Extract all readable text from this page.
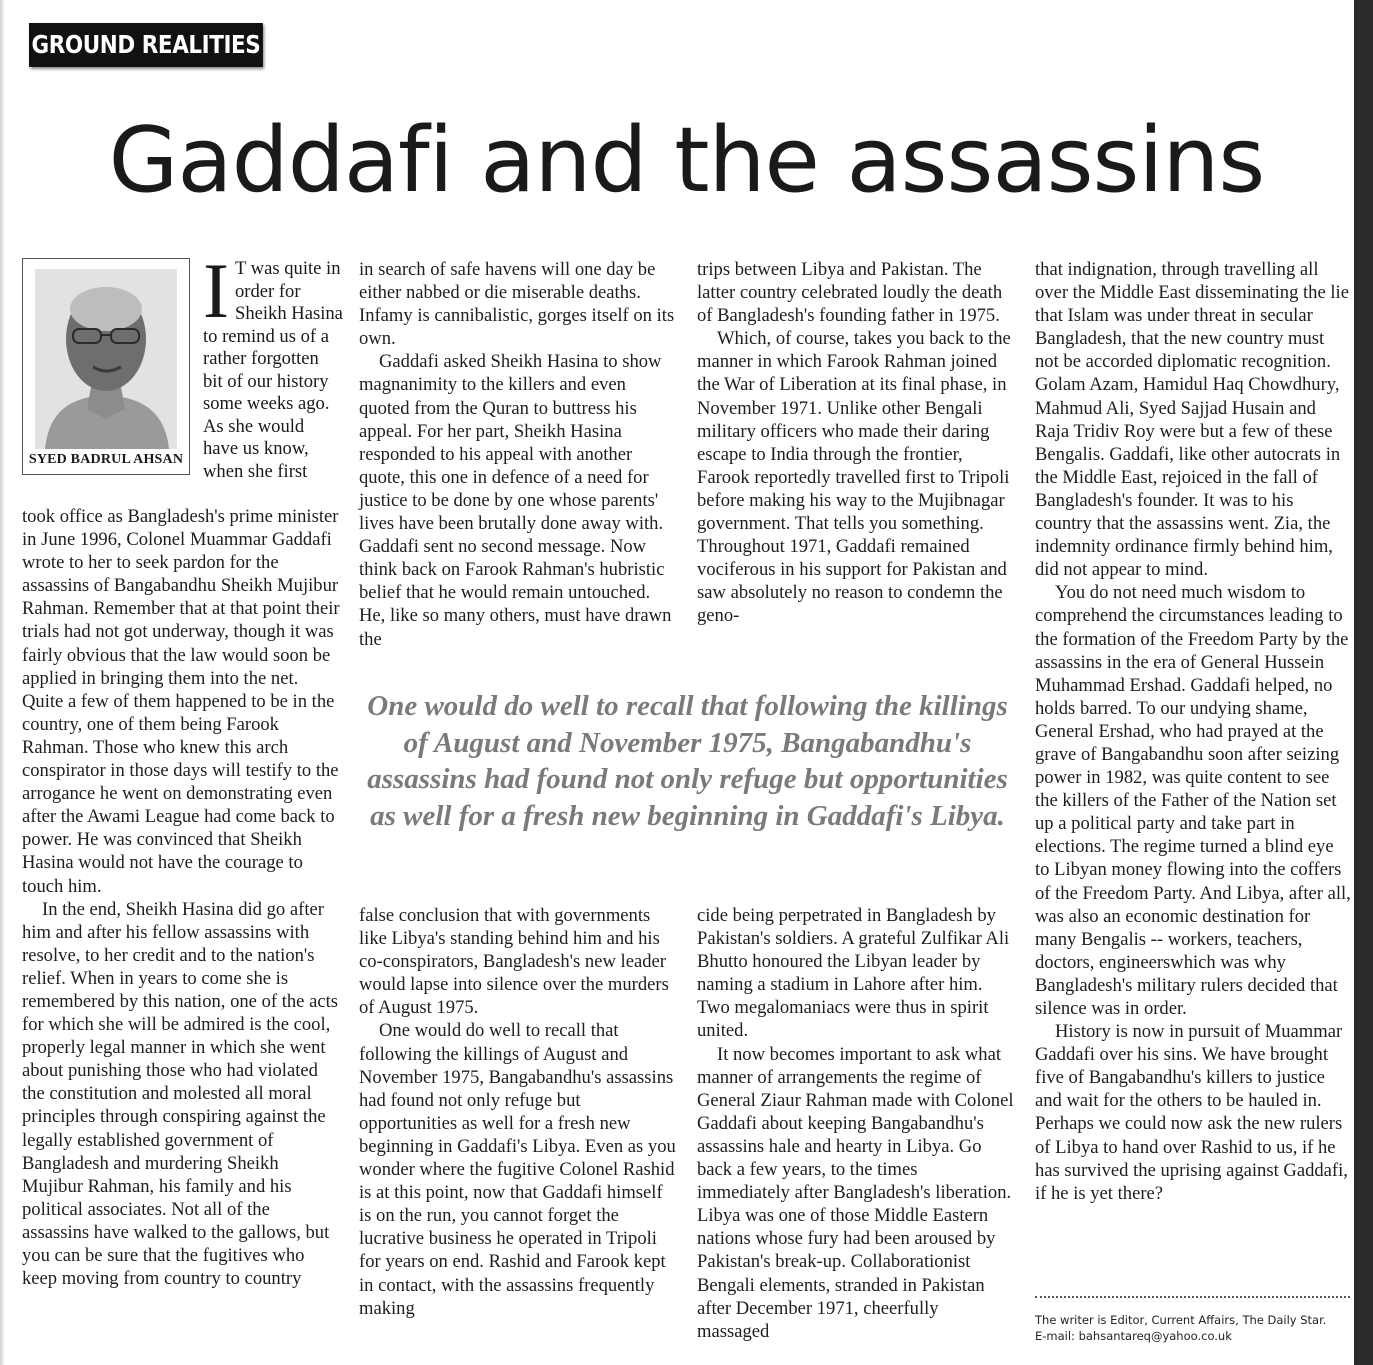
GROUND REALITIES
Gaddafi and the assassins
SYED BADRUL AHSAN
I T was quite in order for Sheikh Hasina to remind us of a rather forgotten bit of our history some weeks ago. As she would have us know, when she first

took office as Bangladesh's prime minister in June 1996, Colonel Muammar Gaddafi wrote to her to seek pardon for the assassins of Bangabandhu Sheikh Mujibur Rahman. Remember that at that point their trials had not got underway, though it was fairly obvious that the law would soon be applied in bringing them into the net. Quite a few of them happened to be in the country, one of them being Farook Rahman. Those who knew this arch conspirator in those days will testify to the arrogance he went on demonstrating even after the Awami League had come back to power. He was convinced that Sheikh Hasina would not have the courage to touch him.

In the end, Sheikh Hasina did go after him and after his fellow assassins with resolve, to her credit and to the nation's relief. When in years to come she is remembered by this nation, one of the acts for which she will be admired is the cool, properly legal manner in which she went about punishing those who had violated the constitution and molested all moral principles through conspiring against the legally established government of Bangladesh and murdering Sheikh Mujibur Rahman, his family and his political associates. Not all of the assassins have walked to the gallows, but you can be sure that the fugitives who keep moving from country to country

in search of safe havens will one day be either nabbed or die miserable deaths. Infamy is cannibalistic, gorges itself on its own.

Gaddafi asked Sheikh Hasina to show magnanimity to the killers and even quoted from the Quran to buttress his appeal. For her part, Sheikh Hasina responded to his appeal with another quote, this one in defence of a need for justice to be done by one whose parents' lives have been brutally done away with. Gaddafi sent no second message. Now think back on Farook Rahman's hubristic belief that he would remain untouched. He, like so many others, must have drawn the

trips between Libya and Pakistan. The latter country celebrated loudly the death of Bangladesh's founding father in 1975.

Which, of course, takes you back to the manner in which Farook Rahman joined the War of Liberation at its final phase, in November 1971. Unlike other Bengali military officers who made their daring escape to India through the frontier, Farook reportedly travelled first to Tripoli before making his way to the Mujibnagar government. That tells you something. Throughout 1971, Gaddafi remained vociferous in his support for Pakistan and saw absolutely no reason to condemn the geno-

One would do well to recall that following the killings of August and November 1975, Bangabandhu's assassins had found not only refuge but opportunities as well for a fresh new beginning in Gaddafi's Libya.

false conclusion that with governments like Libya's standing behind him and his co-conspirators, Bangladesh's new leader would lapse into silence over the murders of August 1975.

One would do well to recall that following the killings of August and November 1975, Bangabandhu's assassins had found not only refuge but opportunities as well for a fresh new beginning in Gaddafi's Libya. Even as you wonder where the fugitive Colonel Rashid is at this point, now that Gaddafi himself is on the run, you cannot forget the lucrative business he operated in Tripoli for years on end. Rashid and Farook kept in contact, with the assassins frequently making

cide being perpetrated in Bangladesh by Pakistan's soldiers. A grateful Zulfikar Ali Bhutto honoured the Libyan leader by naming a stadium in Lahore after him. Two megalomaniacs were thus in spirit united.

It now becomes important to ask what manner of arrangements the regime of General Ziaur Rahman made with Colonel Gaddafi about keeping Bangabandhu's assassins hale and hearty in Libya. Go back a few years, to the times immediately after Bangladesh's liberation. Libya was one of those Middle Eastern nations whose fury had been aroused by Pakistan's break-up. Collaborationist Bengali elements, stranded in Pakistan after December 1971, cheerfully massaged

that indignation, through travelling all over the Middle East disseminating the lie that Islam was under threat in secular Bangladesh, that the new country must not be accorded diplomatic recognition. Golam Azam, Hamidul Haq Chowdhury, Mahmud Ali, Syed Sajjad Husain and Raja Tridiv Roy were but a few of these Bengalis. Gaddafi, like other autocrats in the Middle East, rejoiced in the fall of Bangladesh's founder. It was to his country that the assassins went. Zia, the indemnity ordinance firmly behind him, did not appear to mind.

You do not need much wisdom to comprehend the circumstances leading to the formation of the Freedom Party by the assassins in the era of General Hussein Muhammad Ershad. Gaddafi helped, no holds barred. To our undying shame, General Ershad, who had prayed at the grave of Bangabandhu soon after seizing power in 1982, was quite content to see the killers of the Father of the Nation set up a political party and take part in elections. The regime turned a blind eye to Libyan money flowing into the coffers of the Freedom Party. And Libya, after all, was also an economic destination for many Bengalis -- workers, teachers, doctors, engineerswhich was why Bangladesh's military rulers decided that silence was in order.

History is now in pursuit of Muammar Gaddafi over his sins. We have brought five of Bangabandhu's killers to justice and wait for the others to be hauled in. Perhaps we could now ask the new rulers of Libya to hand over Rashid to us, if he has survived the uprising against Gaddafi, if he is yet there?

The writer is Editor, Current Affairs, The Daily Star.
E-mail: bahsantareq@yahoo.co.uk
